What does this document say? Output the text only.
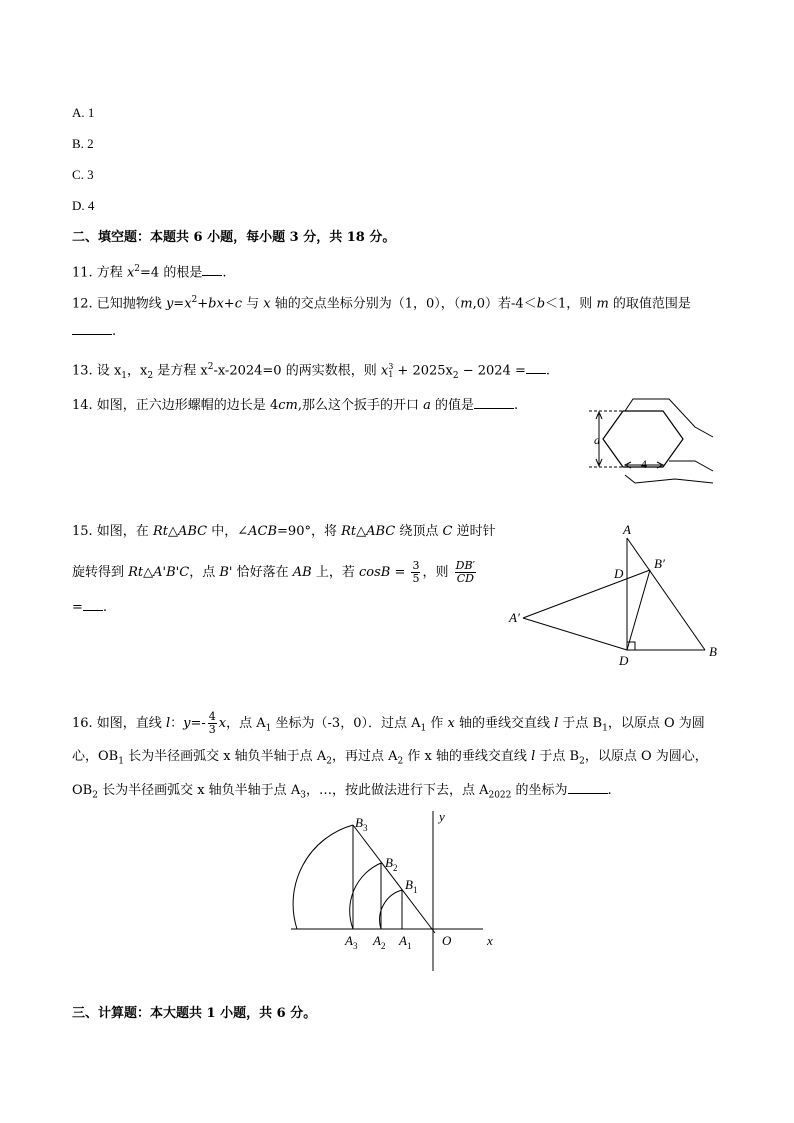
A. 1
B. 2
C. 3
D. 4
二、填空题：本题共 6 小题，每小题 3 分，共 18 分。
11. 方程 $x^2=4$ 的根是 .
12. 已知抛物线 $y=x^2+bx+c$ 与 x 轴的交点坐标分别为（1，0），（m,0）若-4＜b＜1，则 m 的取值范围是
.
13. 设 $x_1$，$x_2$ 是方程 $x^2-x-2024=0$ 的两实数根，则 x 3
$1 + 2025x_2 - 2024$ = .
14. 如图，正六边形螺帽的边长是 4cm,那么这个扳手的开口 a 的值是	.
a
4
15. 如图，在 Rt△ABC 中，∠ACB=90°，将 Rt△ABC 绕顶点 C 逆时针
旋转得到 Rt△A'B'C，点 B' 恰好落在 AB 上，若 $\cos B = \frac{3}{5}$ ，则 $\frac{DB'}{CD}$
= .
A
B′
D
A′
D
B
16. 如图，直线 l：$y=- \frac{4}{3}$ x，点 $A_1$ 坐标为（-3，0）．过点 $A_1$ 作 x 轴的垂线交直线 l 于点 $B_1$，以原点 O 为圆
心，$OB_1$ 长为半径画弧交 x 轴负半轴于点 $A_2$，再过点 $A_2$ 作 x 轴的垂线交直线 l 于点 $B_2$，以原点 O 为圆心，
$OB_2$ 长为半径画弧交 x 轴负半轴于点 $A_3$，…，按此做法进行下去，点 $A_{2022}$ 的坐标为	.
$B_3$
$B_2$
$B_1$
$A_3$ $A_2$ $A_1$ O	x
y
三、计算题：本大题共 1 小题，共 6 分。
